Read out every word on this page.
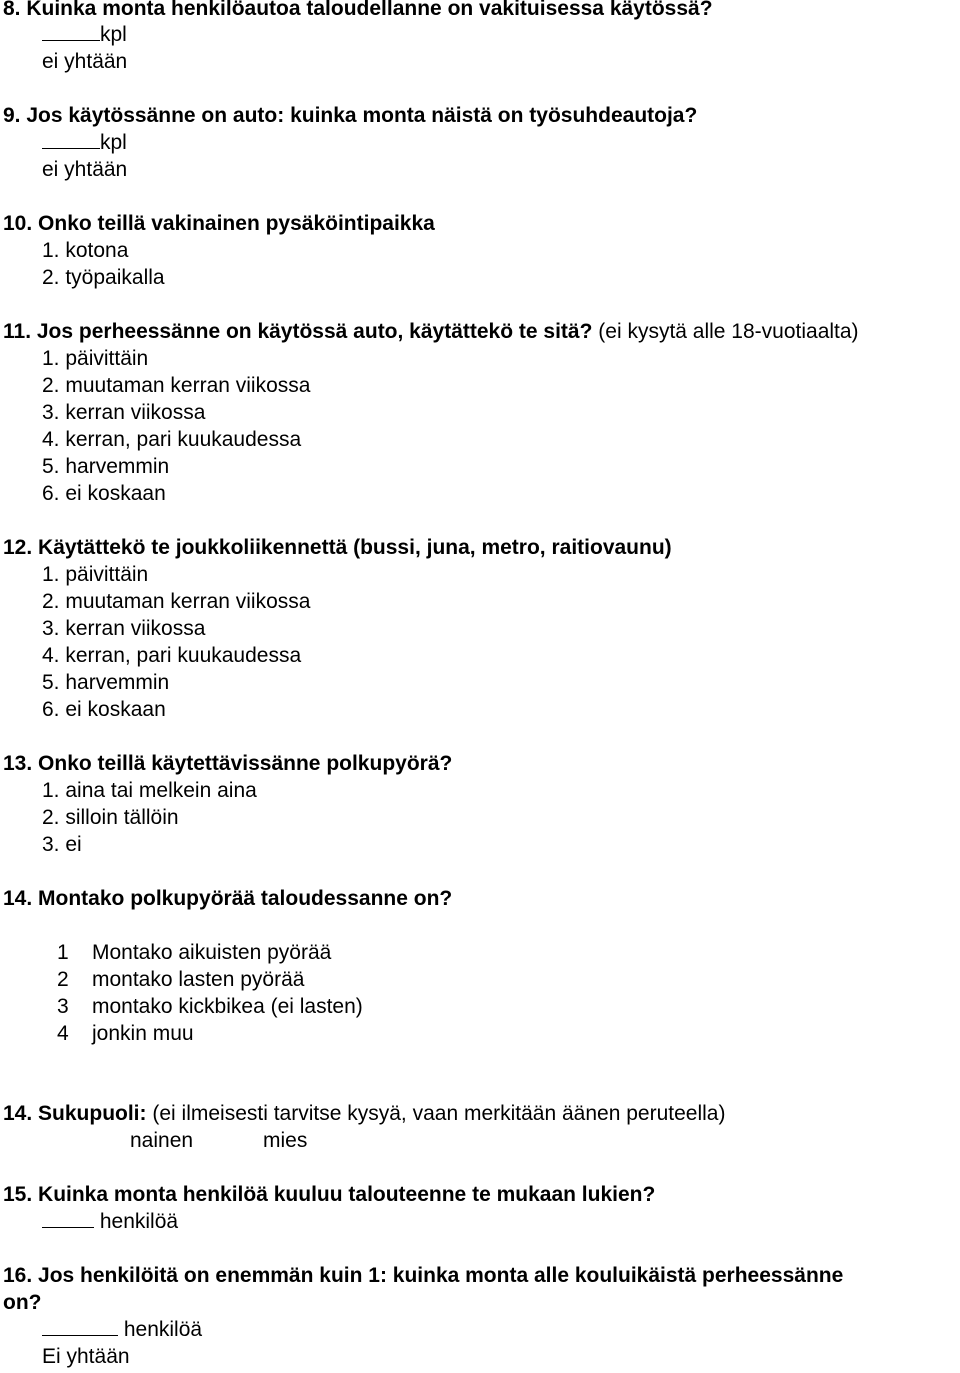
8. Kuinka monta henkilöautoa taloudellanne on vakituisessa käytössä?
kpl
ei yhtään
9. Jos käytössänne on auto: kuinka monta näistä on työsuhdeautoja?
kpl
ei yhtään
10. Onko teillä vakinainen pysäköintipaikka
1. kotona
2. työpaikalla
11. Jos perheessänne on käytössä auto, käytättekö te sitä? (ei kysytä alle 18-vuotiaalta)
1. päivittäin
2. muutaman kerran viikossa
3. kerran viikossa
4. kerran, pari kuukaudessa
5. harvemmin
6. ei koskaan
12. Käytättekö te joukkoliikennettä (bussi, juna, metro, raitiovaunu)
1. päivittäin
2. muutaman kerran viikossa
3. kerran viikossa
4. kerran, pari kuukaudessa
5. harvemmin
6. ei koskaan
13. Onko teillä käytettävissänne polkupyörä?
1. aina tai melkein aina
2. silloin tällöin
3. ei
14. Montako polkupyörää taloudessanne on?
1 Montako aikuisten pyörää
2 montako lasten pyörää
3 montako kickbikea (ei lasten)
4 jonkin muu
14. Sukupuoli: (ei ilmeisesti tarvitse kysyä, vaan merkitään äänen peruteella)
nainen	mies
15. Kuinka monta henkilöä kuuluu talouteenne te mukaan lukien?
henkilöä
16. Jos henkilöitä on enemmän kuin 1: kuinka monta alle kouluikäistä perheessänne
on?
henkilöä
Ei yhtään
